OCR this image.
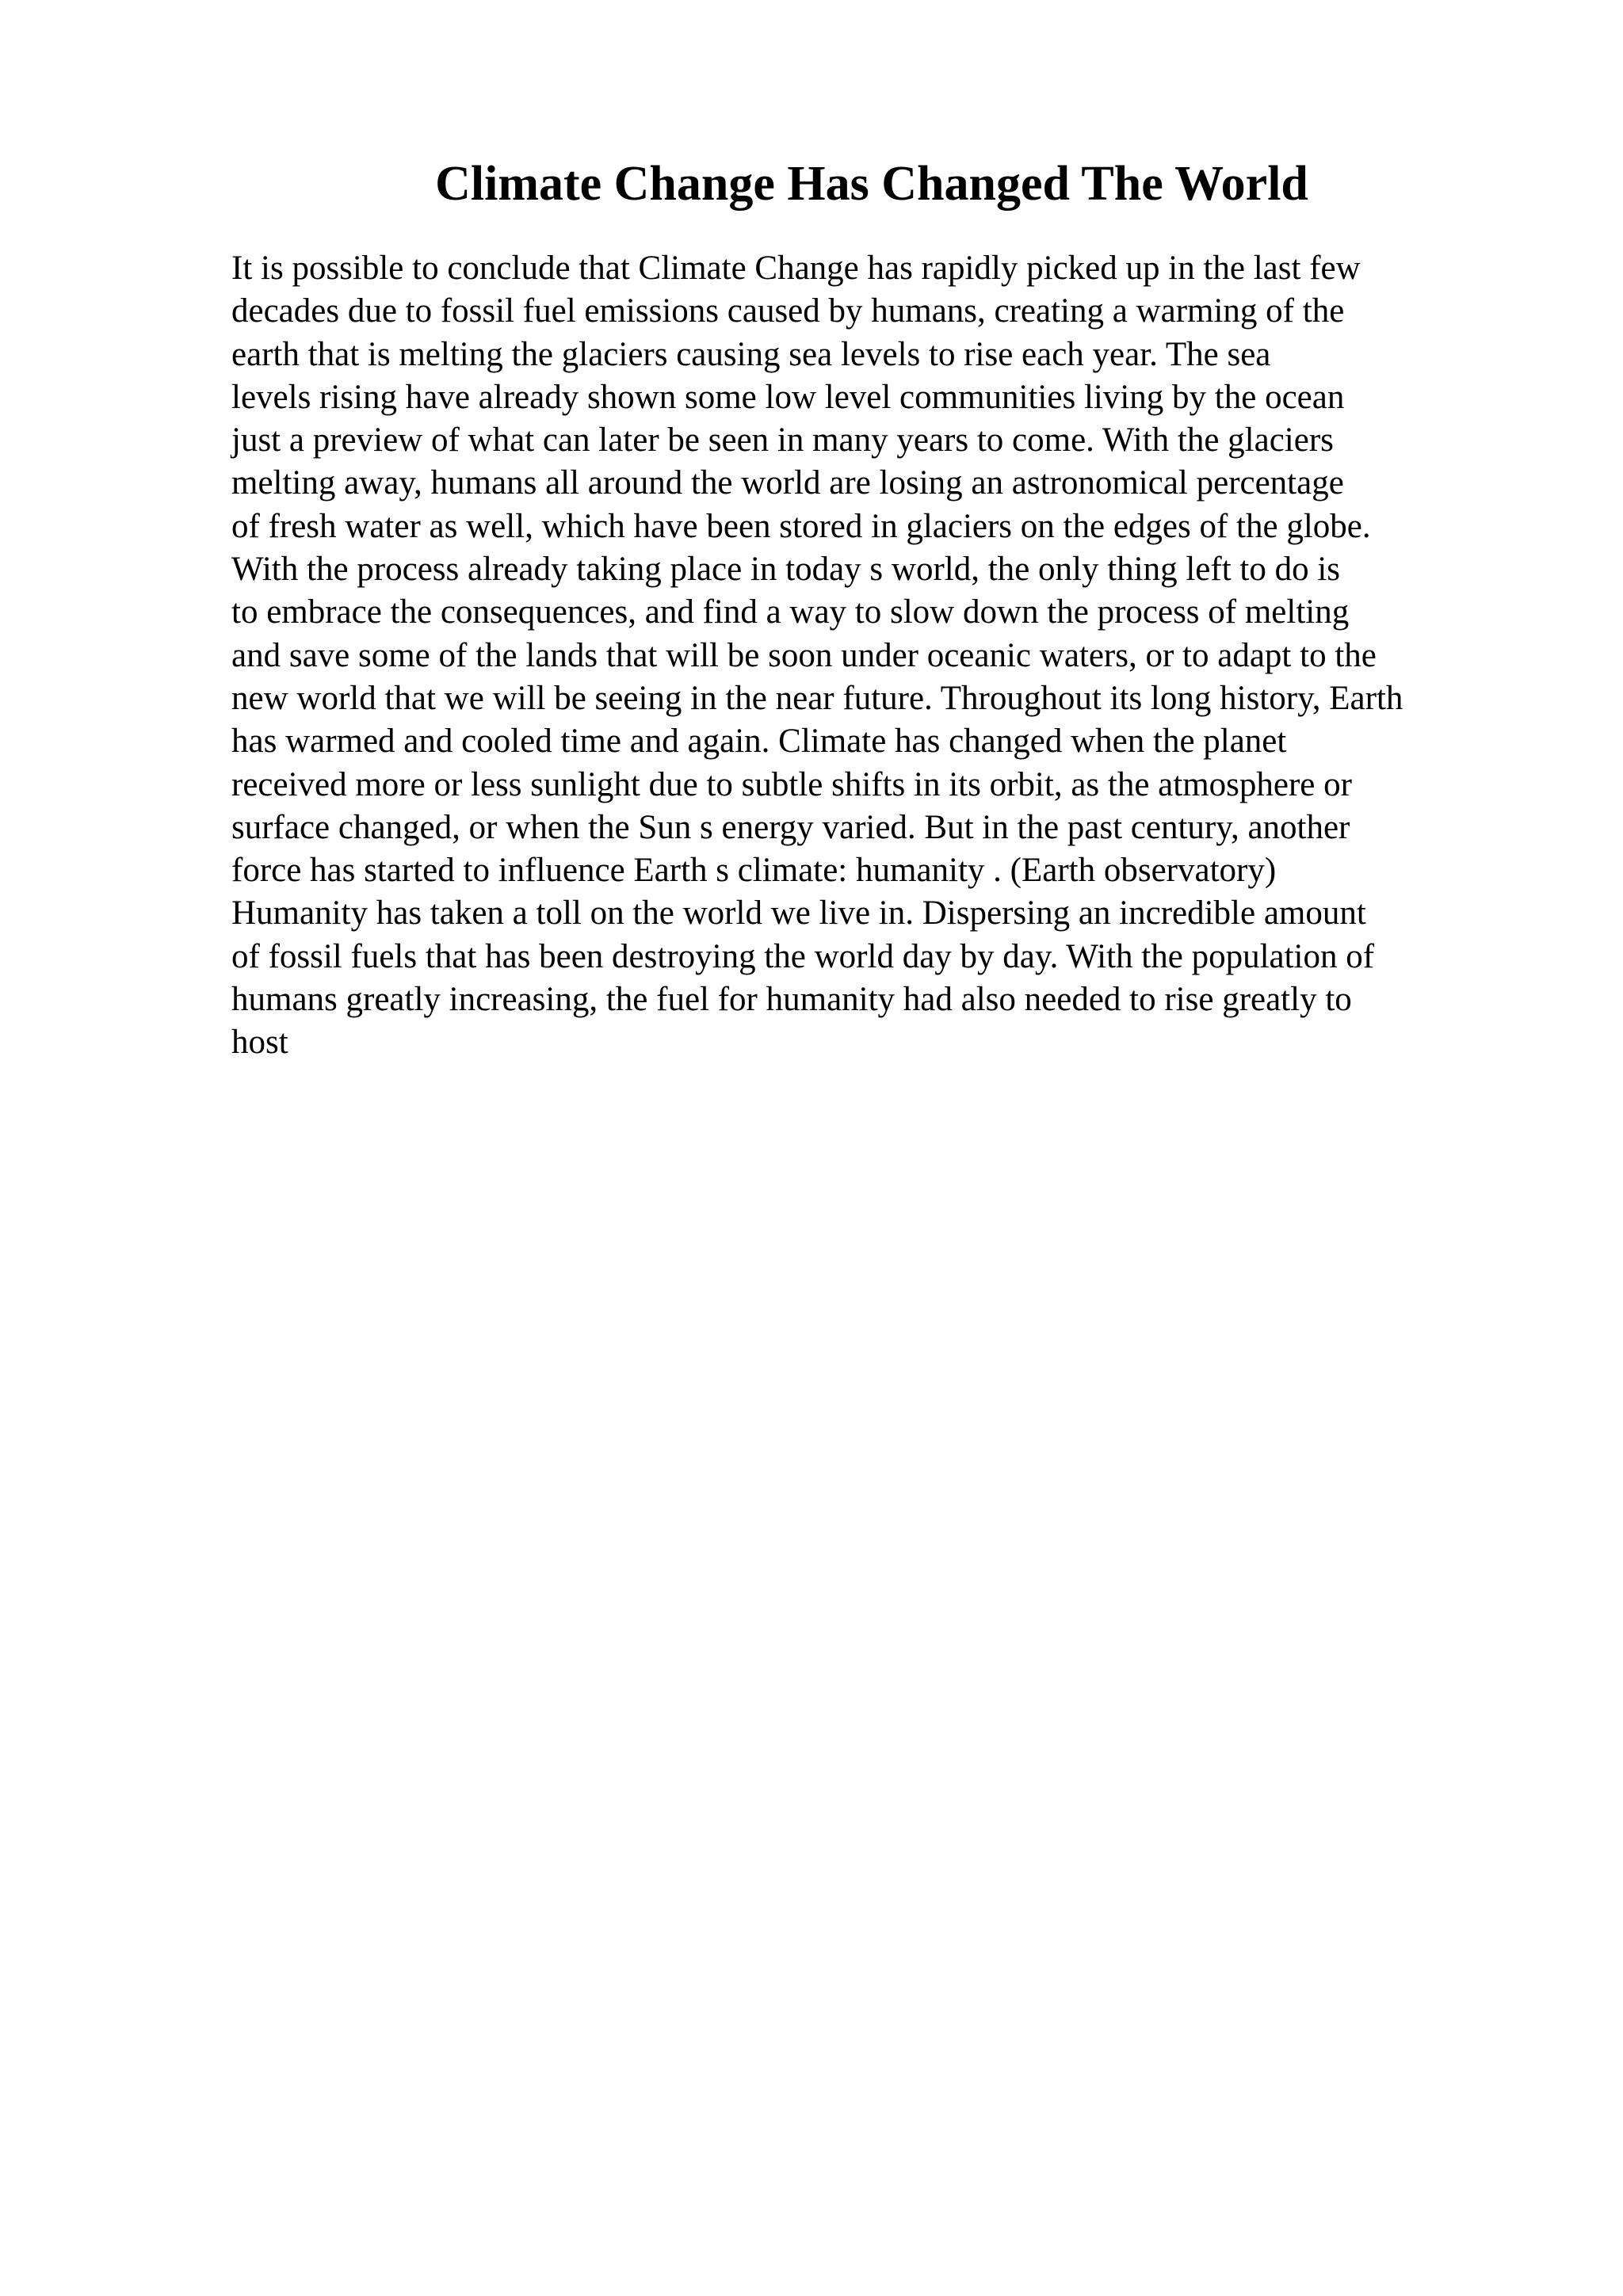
Climate Change Has Changed The World
It is possible to conclude that Climate Change has rapidly picked up in the last few
decades due to fossil fuel emissions caused by humans, creating a warming of the
earth that is melting the glaciers causing sea levels to rise each year. The sea
levels rising have already shown some low level communities living by the ocean
just a preview of what can later be seen in many years to come. With the glaciers
melting away, humans all around the world are losing an astronomical percentage
of fresh water as well, which have been stored in glaciers on the edges of the globe.
With the process already taking place in today s world, the only thing left to do is
to embrace the consequences, and find a way to slow down the process of melting
and save some of the lands that will be soon under oceanic waters, or to adapt to the
new world that we will be seeing in the near future. Throughout its long history, Earth
has warmed and cooled time and again. Climate has changed when the planet
received more or less sunlight due to subtle shifts in its orbit, as the atmosphere or
surface changed, or when the Sun s energy varied. But in the past century, another
force has started to influence Earth s climate: humanity . (Earth observatory)
Humanity has taken a toll on the world we live in. Dispersing an incredible amount
of fossil fuels that has been destroying the world day by day. With the population of
humans greatly increasing, the fuel for humanity had also needed to rise greatly to
host
